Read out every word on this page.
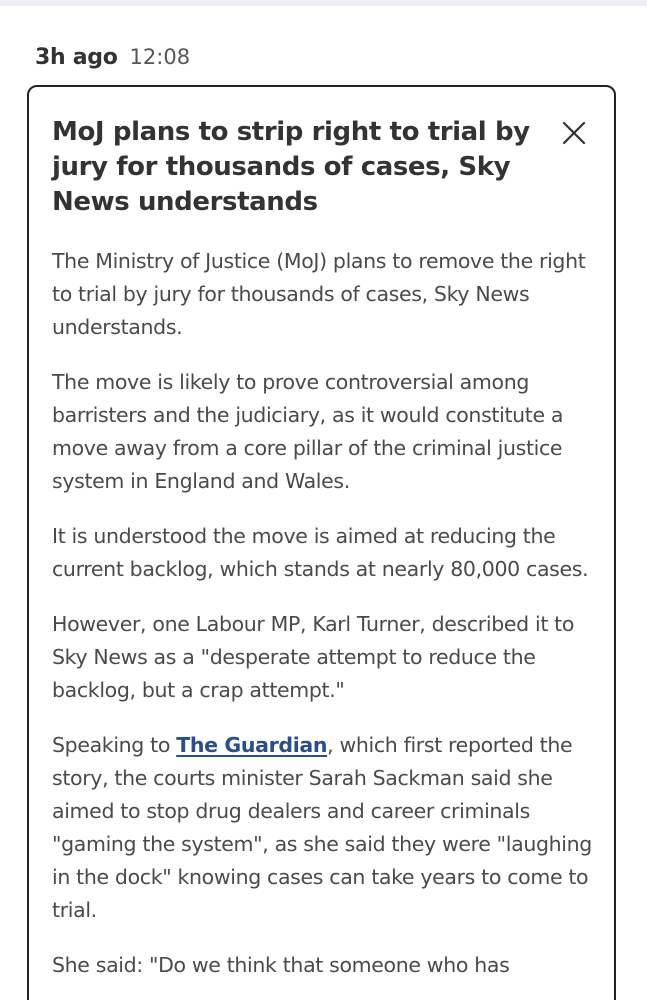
3h ago 12:08
MoJ plans to strip right to trial by jury for thousands of cases, Sky News understands

The Ministry of Justice (MoJ) plans to remove the right to trial by jury for thousands of cases, Sky News understands.

The move is likely to prove controversial among barristers and the judiciary, as it would constitute a move away from a core pillar of the criminal justice system in England and Wales.

It is understood the move is aimed at reducing the current backlog, which stands at nearly 80,000 cases.

However, one Labour MP, Karl Turner, described it to Sky News as a "desperate attempt to reduce the backlog, but a crap attempt."

Speaking to The Guardian, which first reported the story, the courts minister Sarah Sackman said she aimed to stop drug dealers and career criminals "gaming the system", as she said they were "laughing in the dock" knowing cases can take years to come to trial.

She said: "Do we think that someone who has
